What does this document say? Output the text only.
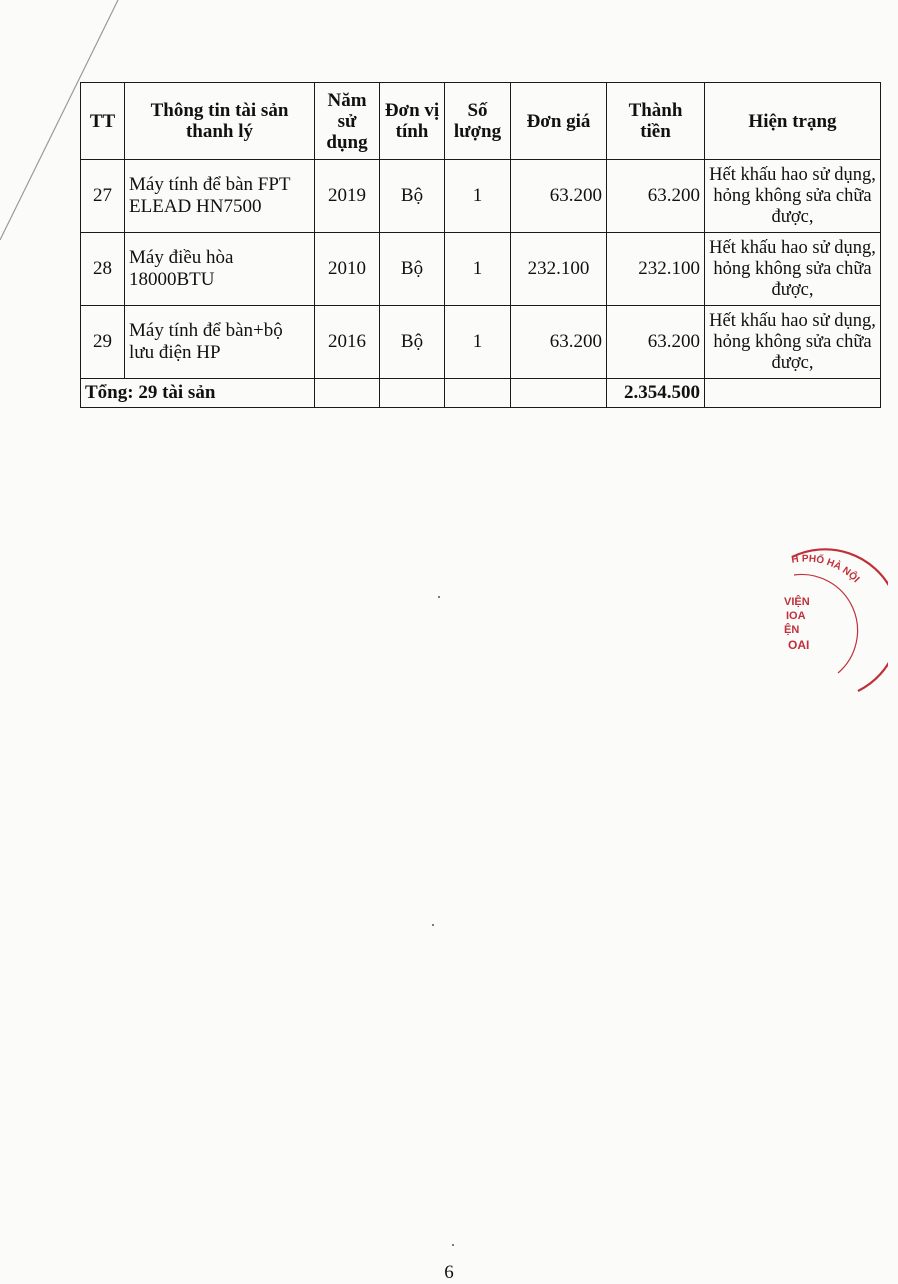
TT	Thông tin tài sản thanh lý	Năm sử dụng	Đơn vị tính	Số lượng	Đơn giá	Thành tiền	Hiện trạng
27	Máy tính để bàn FPT ELEAD HN7500	2019	Bộ	1	63.200	63.200	Hết khấu hao sử dụng, hỏng không sửa chữa được,
28	Máy điều hòa 18000BTU	2010	Bộ	1	232.100	232.100	Hết khấu hao sử dụng, hỏng không sửa chữa được,
29	Máy tính để bàn+bộ lưu điện HP	2016	Bộ	1	63.200	63.200	Hết khấu hao sử dụng, hỏng không sửa chữa được,
Tổng: 29 tài sản						2.354.500	
H PHỐ HÀ NỘI
VIỆN
IOA
ỆN
OAI
6
